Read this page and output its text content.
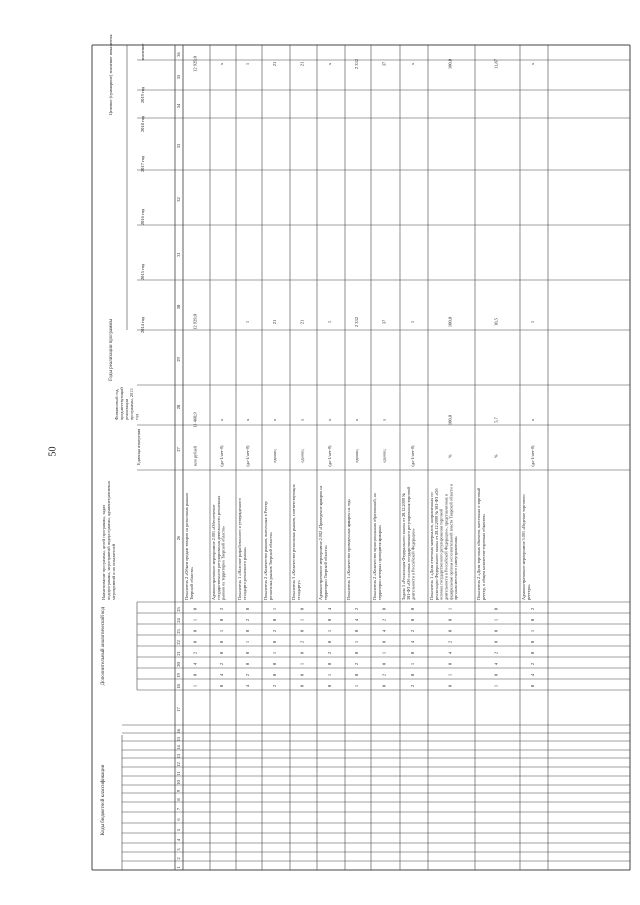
50
Коды бюджетной классификации
Дополнительный аналитический код
Годы реализации программы
Целевое (суммарное) значение показателя
Наименование программы, целей программы, задач подпрограммы, мероприятий подпрограммы, административных мероприятий и их показателей
Единица измерения
Финансовый год, предшествующий реализации программы, 2013 год
2014 год
2015 год
2016 год
2017 год
2018 год
2019 год
значение
1
2
3
4
5
6
7
8
9
10
11
12
13
14
15
16
17
18
19
20
21
22
23
24
25
26
27
28
29
30
31
32
33
34
35
36
Показатель 2 «Объем продаж товаров на розничных рынках Тверской области»
млн рублей
11 460,9
12 929,0
12 929,0
1
0
4
2
0
0
1
0
Административное мероприятие 2.001 «Обеспечение государственного регулирования деятельности розничных рынков на территории Тверской области»
(да-1/нет-0)
х
х
0
4
2
0
0
1
0
2
Показатель 1 «Наличие разработанного и утвержденного стандарта розничного рынка»
(да-1/нет-0)
х
1
1
4
2
0
0
1
0
2
0
Показатель 2 «Количество рынков, внесенных в Реестр розничных рынков Тверской области»
единиц
х
21
21
2
0
0
1
0
2
0
1
Показатель 3 «Количество розничных рынков, соответствующих стандарту»
единиц
х
21
21
0
0
1
0
2
0
1
0
Административное мероприятие 2.002 «Проведение ярмарок на территории Тверской области»
(да-1/нет-0)
х
1
х
0
1
0
2
0
1
0
4
Показатель 1 «Количество проведенных ярмарок на год»
единиц
х
2 332
2 332
1
0
2
0
1
0
4
2
Показатель 2 «Количество муниципальных образований, на территории которых проводятся ярмарки»
единиц
х
37
37
0
2
0
1
0
4
2
0
Задача 3 «Реализация Федерального закона от 28.12.2009 № 381-ФЗ «Об основах государственного регулирования торговой деятельности в Российской Федерации»
(да-1/нет-0)
1
х
2
0
1
0
4
2
0
0
Показатель 1 «Доля отчетных материалов, направленных по реализации Федерального закона от 28.12.2009 № 381-ФЗ «Об основах государственного регулирования торговой деятельности в Российской Федерации», представленных в федеральные органы исполнительной власти Тверской области и органам местного самоуправления»
%
100,0
100,0
100,0
0
1
0
4
2
0
0
1
Показатель 2 «Доля торговых объектов, внесенных в торговый реестр, в общем количестве торговых объектов»
%
5,7
10,5
11,87
1
0
4
2
0
0
1
0
Административное мероприятие 3.001 «Ведение торгового реестра»
(да-1/нет-0)
х
1
х
0
4
2
0
0
1
0
2
